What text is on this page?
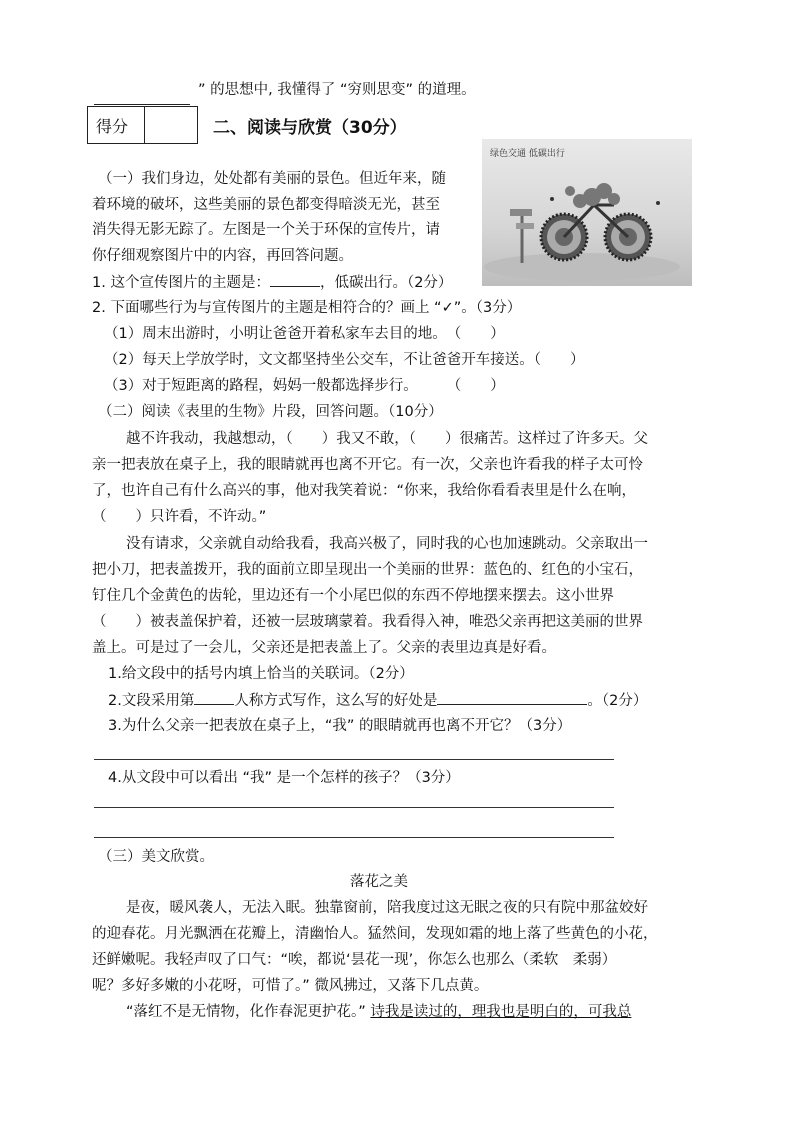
” 的思想中, 我懂得了 “穷则思变” 的道理。
得分	二、阅读与欣赏（30分）
绿色交通 低碳出行
（一）我们身边，处处都有美丽的景色。但近年来，随
着环境的破坏，这些美丽的景色都变得暗淡无光，甚至
消失得无影无踪了。左图是一个关于环保的宣传片，请
你仔细观察图片中的内容，再回答问题。
1. 这个宣传图片的主题是：	，低碳出行。（2分）
2. 下面哪些行为与宣传图片的主题是相符合的？画上 “✓”。（3分）
（1）周末出游时，小明让爸爸开着私家车去目的地。　（　　）
（2）每天上学放学时，文文都坚持坐公交车，不让爸爸开车接送。（　　）
（3）对于短距离的路程，妈妈一般都选择步行。　　　（　　）
（二）阅读《表里的生物》片段，回答问题。（10分）
越不许我动，我越想动，（　　）我又不敢，（　　）很痛苦。这样过了许多天。父
亲一把表放在桌子上，我的眼睛就再也离不开它。有一次，父亲也许看我的样子太可怜
了，也许自己有什么高兴的事，他对我笑着说：“你来，我给你看看表里是什么在响，
（　　）只许看，不许动。”
没有请求，父亲就自动给我看，我高兴极了，同时我的心也加速跳动。父亲取出一
把小刀，把表盖拨开，我的面前立即呈现出一个美丽的世界：蓝色的、红色的小宝石，
钉住几个金黄色的齿轮，里边还有一个小尾巴似的东西不停地摆来摆去。这小世界
（　　）被表盖保护着，还被一层玻璃蒙着。我看得入神，唯恐父亲再把这美丽的世界
盖上。可是过了一会儿，父亲还是把表盖上了。父亲的表里边真是好看。
1.给文段中的括号内填上恰当的关联词。（2分）
2.文段采用第	人称方式写作，这么写的好处是	。（2分）
3.为什么父亲一把表放在桌子上，“我” 的眼睛就再也离不开它？（3分）
4.从文段中可以看出 “我” 是一个怎样的孩子？（3分）
（三）美文欣赏。
落花之美
是夜，暖风袭人，无法入眠。独靠窗前，陪我度过这无眠之夜的只有院中那盆姣好
的迎春花。月光飘洒在花瓣上，清幽怡人。猛然间，发现如霜的地上落了些黄色的小花，
还鲜嫩呢。我轻声叹了口气：“唉，都说‘昙花一现’，你怎么也那么（柔软　柔弱）
呢？多好多嫩的小花呀，可惜了。” 微风拂过，又落下几点黄。
“落红不是无情物，化作春泥更护花。” 诗我是读过的，理我也是明白的，可我总
